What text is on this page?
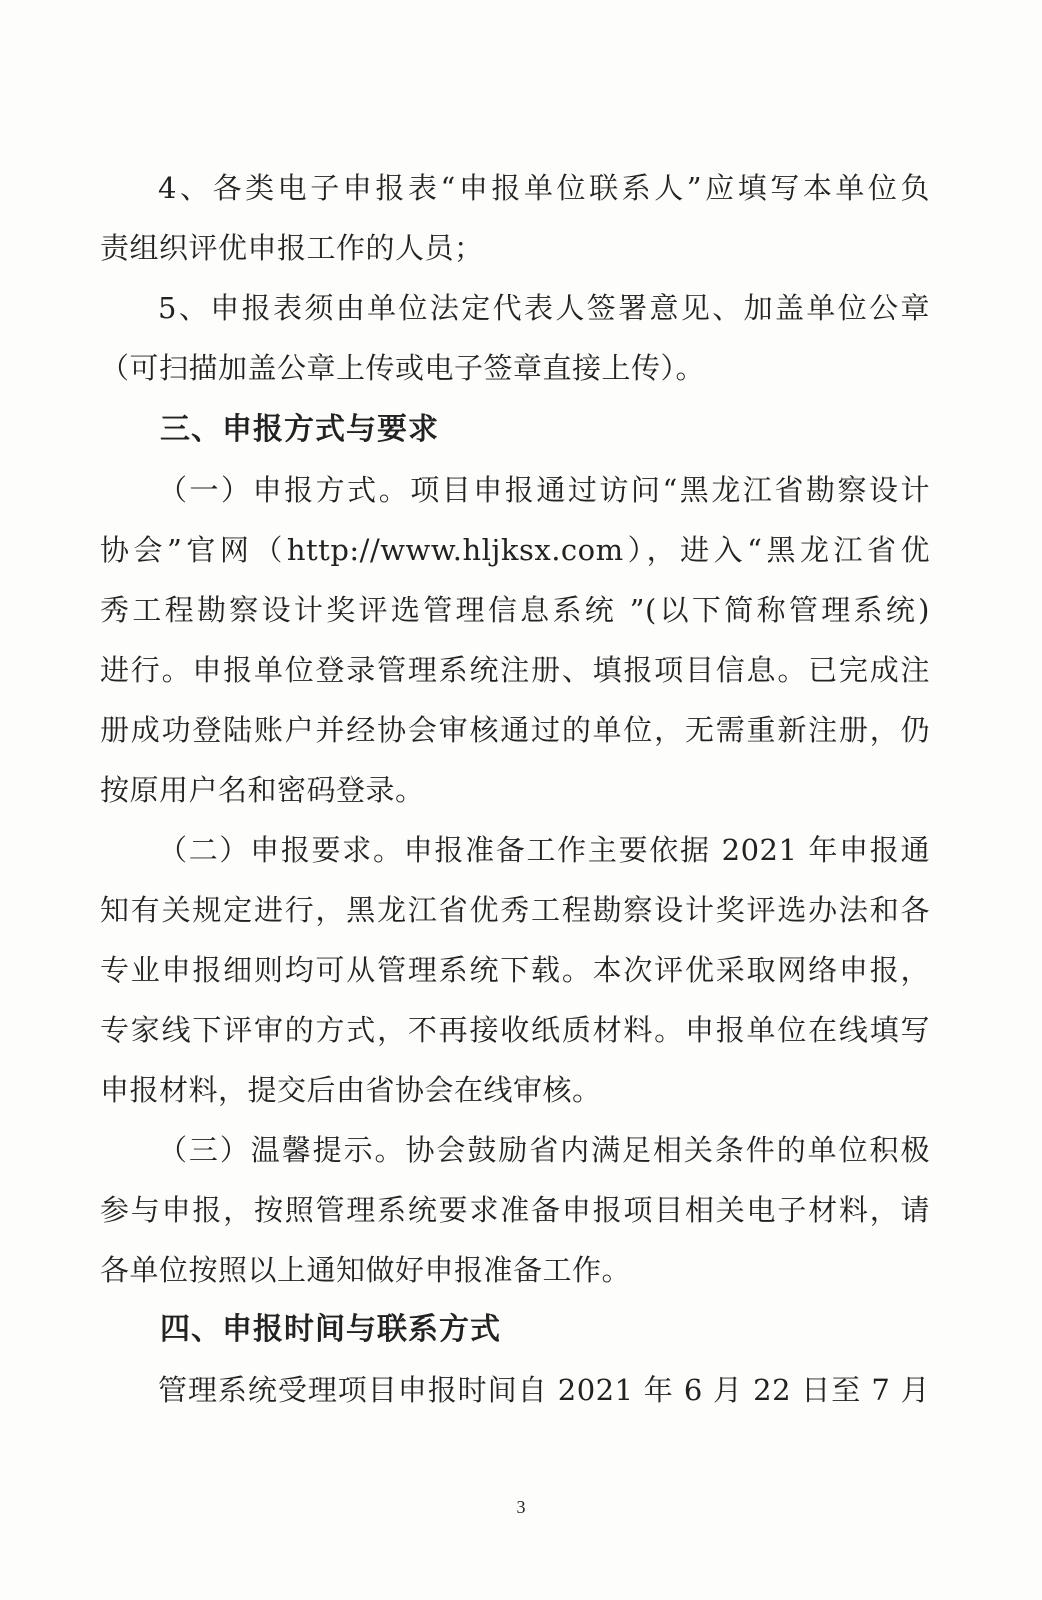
4、各类电子申报表“申报单位联系人”应填写本单位负
责组织评优申报工作的人员；
5、申报表须由单位法定代表人签署意见、加盖单位公章
（可扫描加盖公章上传或电子签章直接上传）。
三、申报方式与要求
（一）申报方式。项目申报通过访问“黑龙江省勘察设计
协会”官网（http://www.hljksx.com），进入“黑龙江省优
秀工程勘察设计奖评选管理信息系统 ”(以下简称管理系统)
进行。申报单位登录管理系统注册、填报项目信息。已完成注
册成功登陆账户并经协会审核通过的单位，无需重新注册，仍
按原用户名和密码登录。
（二）申报要求。申报准备工作主要依据 2021 年申报通
知有关规定进行，黑龙江省优秀工程勘察设计奖评选办法和各
专业申报细则均可从管理系统下载。本次评优采取网络申报，
专家线下评审的方式，不再接收纸质材料。申报单位在线填写
申报材料，提交后由省协会在线审核。
（三）温馨提示。协会鼓励省内满足相关条件的单位积极
参与申报，按照管理系统要求准备申报项目相关电子材料，请
各单位按照以上通知做好申报准备工作。
四、申报时间与联系方式
管理系统受理项目申报时间自 2021 年 6 月 22 日至 7 月
3
